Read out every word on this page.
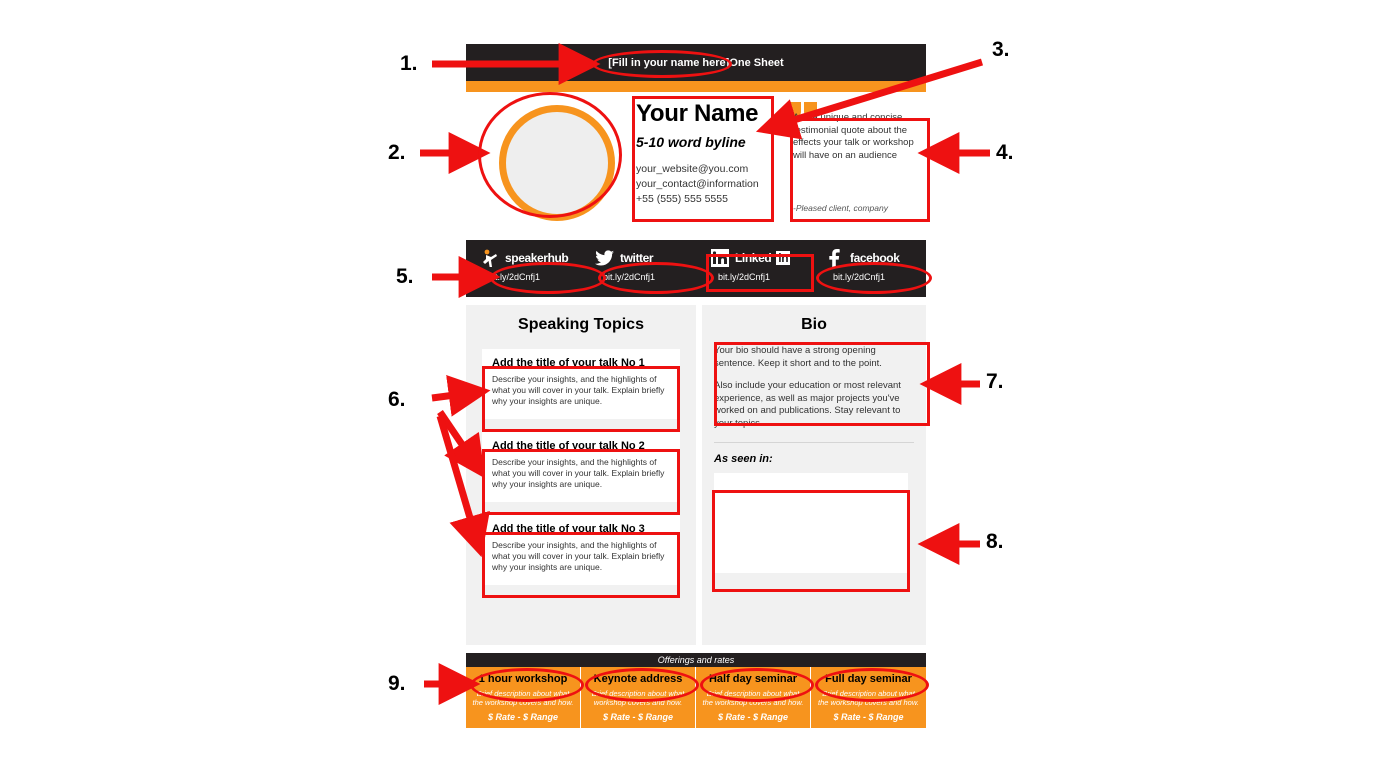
[Fill in your name here] One Sheet
Your Name
5-10 word byline
your_website@you.com
your_contact@information
+55 (555) 555 5555
Add a unique and concise testimonial quote about the effects your talk or workshop will have on an audience
-Pleased client, company
speakerhub
bit.ly/2dCnfj1
twitter
bit.ly/2dCnfj1
Linked in
bit.ly/2dCnfj1
facebook
bit.ly/2dCnfj1
Speaking Topics
Add the title of your talk No 1

Describe your insights, and the highlights of what you will cover in your talk. Explain briefly why your insights are unique.

Add the title of your talk No 2

Describe your insights, and the highlights of what you will cover in your talk. Explain briefly why your insights are unique.

Add the title of your talk No 3

Describe your insights, and the highlights of what you will cover in your talk. Explain briefly why your insights are unique.

Bio

Your bio should have a strong opening sentence. Keep it short and to the point.

Also include your education or most relevant experience, as well as major projects you've worked on and publications. Stay relevant to your topics.

As seen in:
Offerings and rates
1 hour workshop

Brief description about what the workshop covers and how.

$ Rate - $ Range
Keynote address

Brief description about what workshop covers and how.

$ Rate - $ Range
Half day seminar

Brief description about what the workshop covers and how.

$ Rate - $ Range
Full day seminar

Brief description about what the workshop covers and how.

$ Rate - $ Range
1.
2.
3.
4.
5.
6.
7.
8.
9.
